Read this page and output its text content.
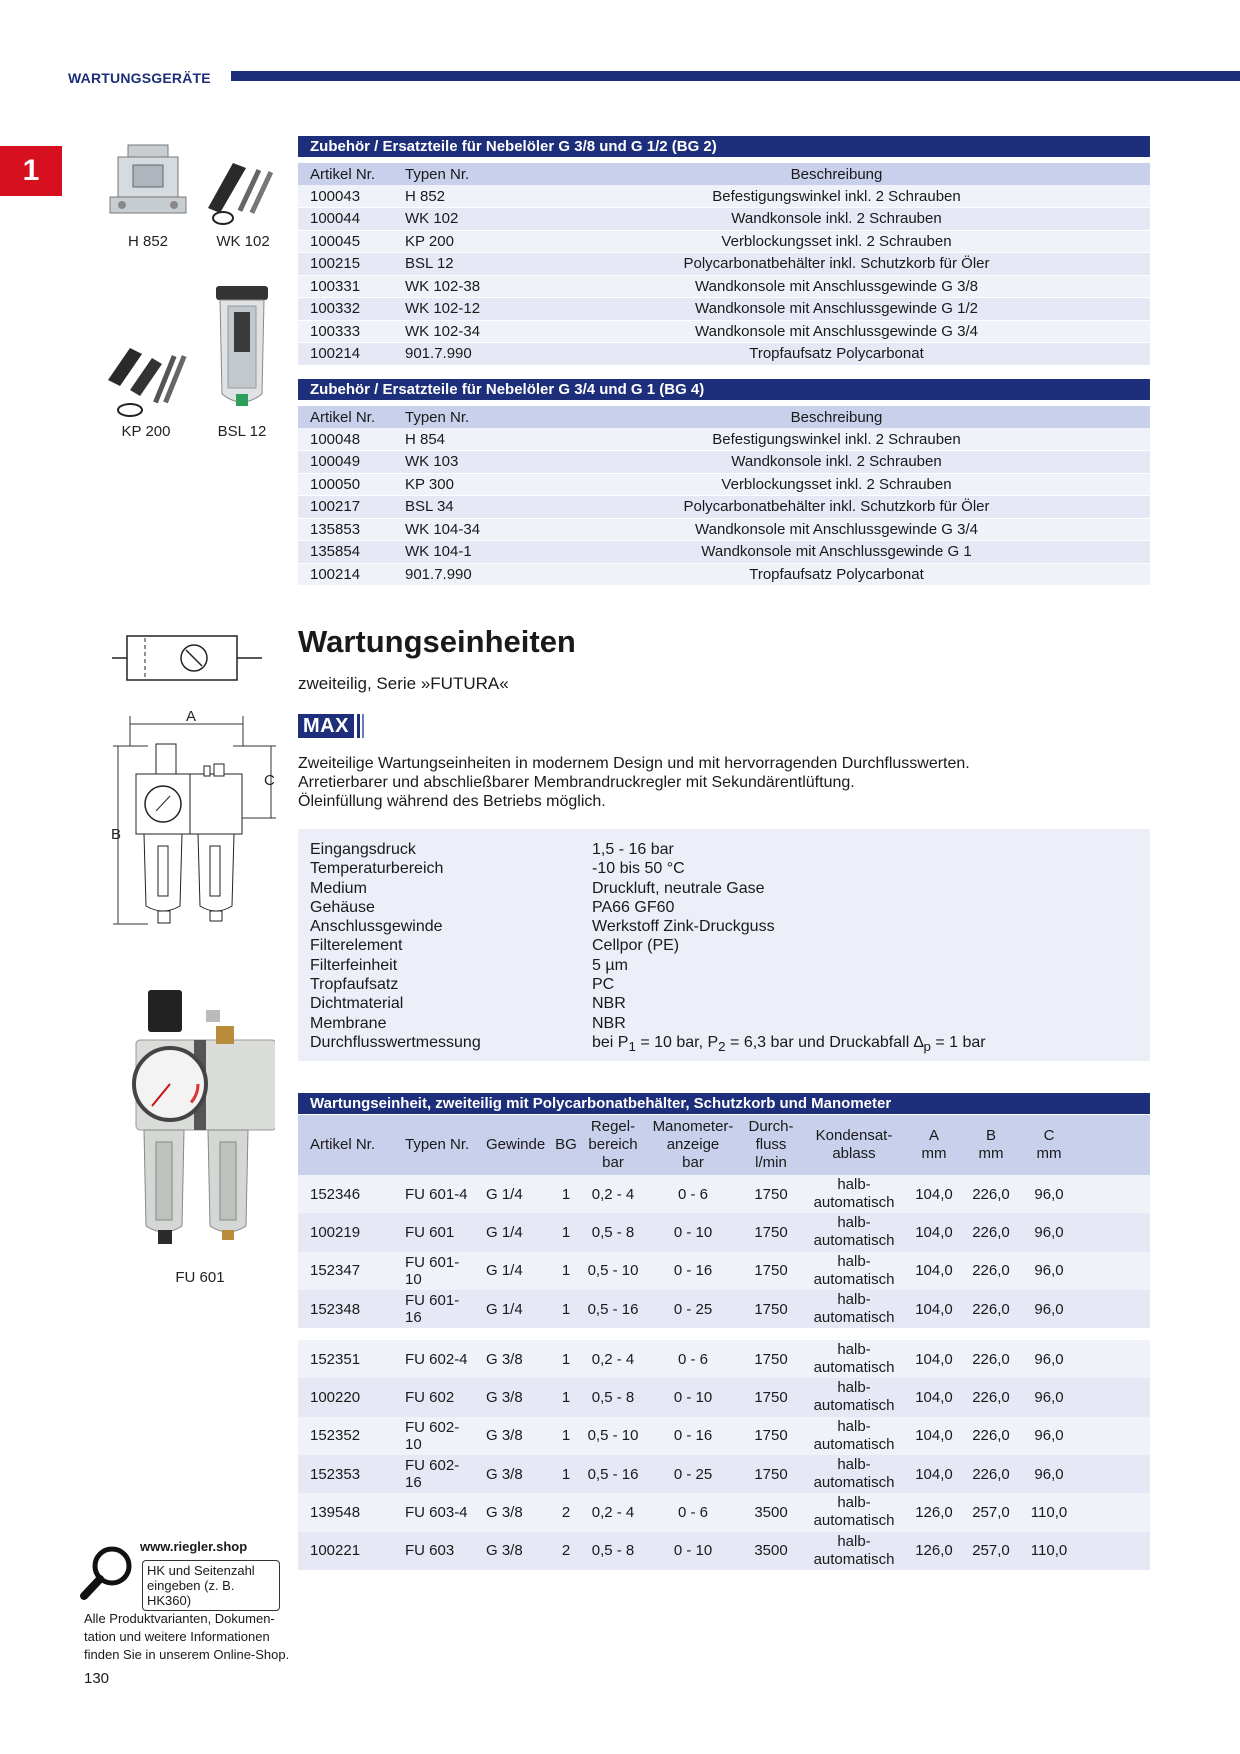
WARTUNGSGERÄTE
1
H 852	WK 102
KP 200	BSL 12
A
B
C
FU 601
Zubehör / Ersatzteile für Nebelöler G 3/8 und G 1/2 (BG 2)
Artikel Nr.	Typen Nr.	Beschreibung
100043	H 852	Befestigungswinkel inkl. 2 Schrauben
100044	WK 102	Wandkonsole inkl. 2 Schrauben
100045	KP 200	Verblockungsset inkl. 2 Schrauben
100215	BSL 12	Polycarbonatbehälter inkl. Schutzkorb für Öler
100331	WK 102-38	Wandkonsole mit Anschlussgewinde G 3/8
100332	WK 102-12	Wandkonsole mit Anschlussgewinde G 1/2
100333	WK 102-34	Wandkonsole mit Anschlussgewinde G 3/4
100214	901.7.990	Tropfaufsatz Polycarbonat
Zubehör / Ersatzteile für Nebelöler G 3/4 und G 1 (BG 4)
Artikel Nr.	Typen Nr.	Beschreibung
100048	H 854	Befestigungswinkel inkl. 2 Schrauben
100049	WK 103	Wandkonsole inkl. 2 Schrauben
100050	KP 300	Verblockungsset inkl. 2 Schrauben
100217	BSL 34	Polycarbonatbehälter inkl. Schutzkorb für Öler
135853	WK 104-34	Wandkonsole mit Anschlussgewinde G 3/4
135854	WK 104-1	Wandkonsole mit Anschlussgewinde G 1
100214	901.7.990	Tropfaufsatz Polycarbonat
Wartungseinheiten
zweiteilig, Serie »FUTURA«
MAX
Zweiteilige Wartungseinheiten in modernem Design und mit hervorragenden Durchflusswerten.
Arretierbarer und abschließbarer Membrandruckregler mit Sekundärentlüftung.
Öleinfüllung während des Betriebs möglich.
Eingangsdruck	1,5 - 16 bar
Temperaturbereich	-10 bis 50 °C
Medium	Druckluft, neutrale Gase
Gehäuse	PA66 GF60
Anschlussgewinde	Werkstoff Zink-Druckguss
Filterelement	Cellpor (PE)
Filterfeinheit	5 µm
Tropfaufsatz	PC
Dichtmaterial	NBR
Membrane	NBR
Durchflusswertmessung	bei $P_1 = 10$ bar, $P_2 = 6,3$ bar und Druckabfall $\Delta_p = 1$ bar
Wartungseinheit, zweiteilig mit Polycarbonatbehälter, Schutzkorb und Manometer
Artikel Nr.	Typen Nr.	Gewinde	BG	Regel-
bereich
bar	Manometer-
anzeige
bar	Durch-
fluss
l/min	Kondensat-
ablass	A
mm	B
mm	C
mm	
152346	FU 601-4	G 1/4	1	0,2 - 4	0 - 6	1750	halb-
automatisch	104,0	226,0	96,0	
100219	FU 601	G 1/4	1	0,5 - 8	0 - 10	1750	halb-
automatisch	104,0	226,0	96,0	
152347	FU 601-10	G 1/4	1	0,5 - 10	0 - 16	1750	halb-
automatisch	104,0	226,0	96,0	
152348	FU 601-16	G 1/4	1	0,5 - 16	0 - 25	1750	halb-
automatisch	104,0	226,0	96,0	

152351	FU 602-4	G 3/8	1	0,2 - 4	0 - 6	1750	halb-
automatisch	104,0	226,0	96,0	
100220	FU 602	G 3/8	1	0,5 - 8	0 - 10	1750	halb-
automatisch	104,0	226,0	96,0	
152352	FU 602-10	G 3/8	1	0,5 - 10	0 - 16	1750	halb-
automatisch	104,0	226,0	96,0	
152353	FU 602-16	G 3/8	1	0,5 - 16	0 - 25	1750	halb-
automatisch	104,0	226,0	96,0	
139548	FU 603-4	G 3/8	2	0,2 - 4	0 - 6	3500	halb-
automatisch	126,0	257,0	110,0	
100221	FU 603	G 3/8	2	0,5 - 8	0 - 10	3500	halb-
automatisch	126,0	257,0	110,0	
www.riegler.shop
HK und Seitenzahl
eingeben (z. B. HK360)
Alle Produktvarianten, Dokumen-
tation und weitere Informationen
finden Sie in unserem Online-Shop.
130
